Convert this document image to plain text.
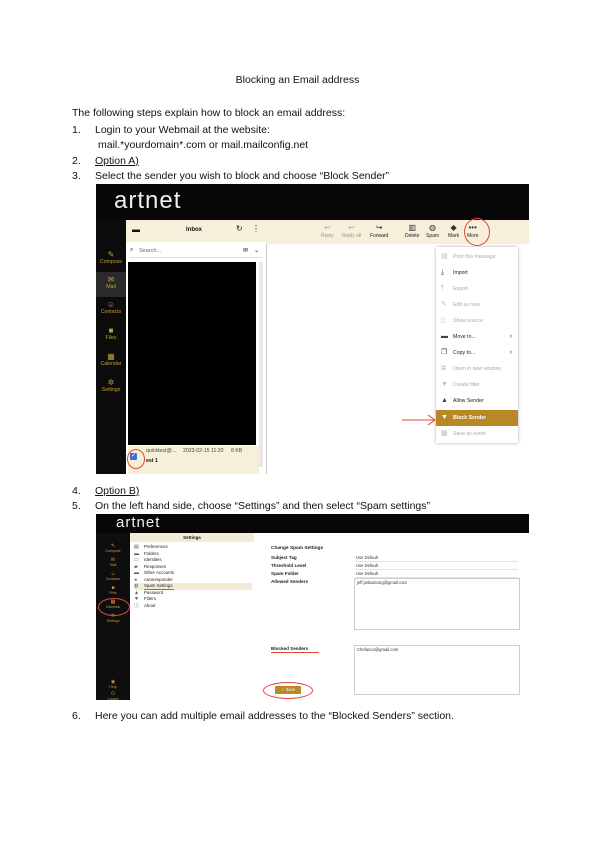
Blocking an Email address
The following steps explain how to block an email address:
1. Login to your Webmail at the website:
mail.*yourdomain*.com or mail.mailconfig.net
2. Option A)
3. Select the sender you wish to block and choose “Block Sender”
artnet
✎
Compose
✉
Mail
☺
Contacts
■
Files
▦
Calendar
✲
Settings
▬	Inbox	↻ ⋮
⌕ Search...	✉ ⌄
✓
quicktest@... 2023-02-15 11:20 8 KB
est 1
↩
Reply
↩
Reply all
↪
Forward
▥
Delete
◍
Spam
◆
Mark
•••
More
▤ Print this message
⤓ Import
⤒ Export
✎ Edit as new
▯ Show source
▬ Move to...	›
❐ Copy to...	›
⧉ Open in new window
▼ Create filter
▲ Allow Sender
▼ Block Sender
▦ Save as event
4. Option B)
5. On the left hand side, choose “Settings” and then select “Spam settings”
artnet
✎
Compose
✉
Mail
☺
Contacts
■
Files
▦
Calendar
✲
Settings
◉
Help
⏻
Logout
Settings
▤ Preferences
▬ Folders
▭ Identities
▰ Responses
▬ Other Accounts
◂ Autoresponder
◍ Spam Settings
▲ Password
▼ Filters
ⓘ About
Change Spam Settings
Subject Tag	Use Default
Threshold Level	Use Default
Spam Folder	Use Default
Allowed Senders	jeff.jmbaincing@gmail.com
Blocked Senders	Chefanco@gmail.com
✓ Save
6. Here you can add multiple email addresses to the “Blocked Senders” section.
